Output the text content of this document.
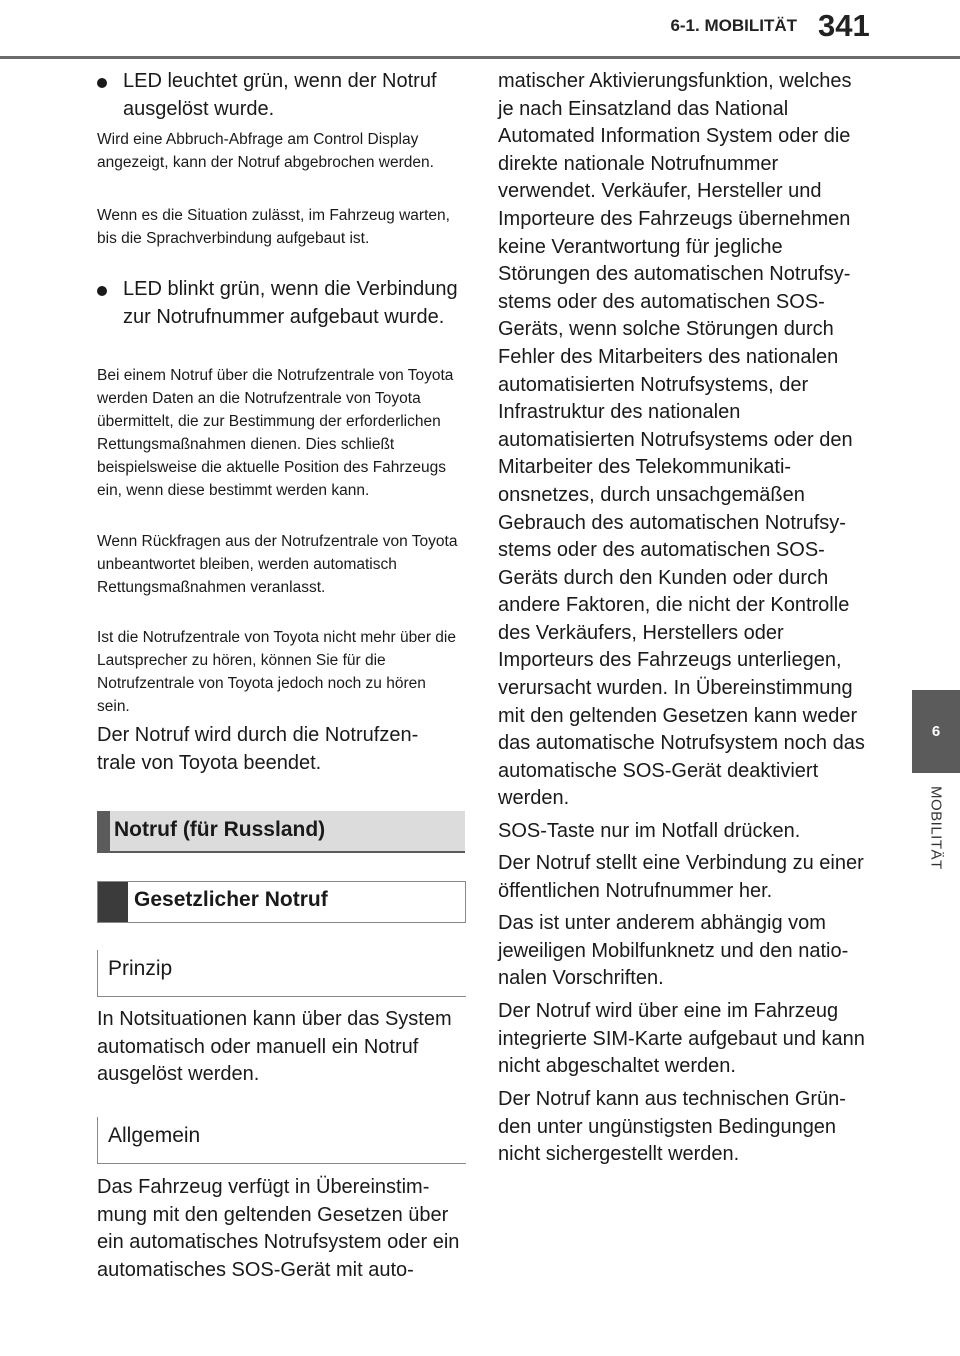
6-1. MOBILITÄT 341
6
MOBILITÄT
LED leuchtet grün, wenn der Notruf ausgelöst wurde.

Wird eine Abbruch-Abfrage am Control Display angezeigt, kann der Notruf abgebrochen werden.

Wenn es die Situation zulässt, im Fahrzeug warten, bis die Sprachverbindung aufgebaut ist.

LED blinkt grün, wenn die Verbindung zur Notrufnummer aufgebaut wurde.

Bei einem Notruf über die Notrufzentrale von Toyota werden Daten an die Notrufzentrale von Toyota übermittelt, die zur Bestimmung der erforderlichen Rettungsmaßnahmen dienen. Dies schließt beispielsweise die aktuelle Position des Fahrzeugs ein, wenn diese bestimmt werden kann.

Wenn Rückfragen aus der Notrufzentrale von Toyota unbeantwortet bleiben, werden automatisch Rettungsmaßnahmen veranlasst.

Ist die Notrufzentrale von Toyota nicht mehr über die Lautsprecher zu hören, können Sie für die Notrufzentrale von Toyota jedoch noch zu hören sein.

Der Notruf wird durch die Notrufzentrale von Toyota beendet.

Notruf (für Russland)
Gesetzlicher Notruf
Prinzip

In Notsituationen kann über das System automatisch oder manuell ein Notruf ausgelöst werden.

Allgemein

Das Fahrzeug verfügt in Übereinstimmung mit den geltenden Gesetzen über ein automatisches Notrufsystem oder ein automatisches SOS-Gerät mit auto-

matischer Aktivierungsfunktion, welches je nach Einsatzland das National Automated Information System oder die direkte nationale Notrufnummer verwendet. Verkäufer, Hersteller und Importeure des Fahrzeugs übernehmen keine Verantwortung für jegliche Störungen des automatischen Notrufsystems oder des automatischen SOS-Geräts, wenn solche Störungen durch Fehler des Mitarbeiters des nationalen automatisierten Notrufsystems, der Infrastruktur des nationalen automatisierten Notrufsystems oder den Mitarbeiter des Telekommunikationsnetzes, durch unsachgemäßen Gebrauch des automatischen Notrufsystems oder des automatischen SOS-Geräts durch den Kunden oder durch andere Faktoren, die nicht der Kontrolle des Verkäufers, Herstellers oder Importeurs des Fahrzeugs unterliegen, verursacht wurden. In Übereinstimmung mit den geltenden Gesetzen kann weder das automatische Notrufsystem noch das automatische SOS-Gerät deaktiviert werden.

SOS-Taste nur im Notfall drücken.

Der Notruf stellt eine Verbindung zu einer öffentlichen Notrufnummer her.

Das ist unter anderem abhängig vom jeweiligen Mobilfunknetz und den nationalen Vorschriften.

Der Notruf wird über eine im Fahrzeug integrierte SIM-Karte aufgebaut und kann nicht abgeschaltet werden.

Der Notruf kann aus technischen Gründen unter ungünstigsten Bedingungen nicht sichergestellt werden.
